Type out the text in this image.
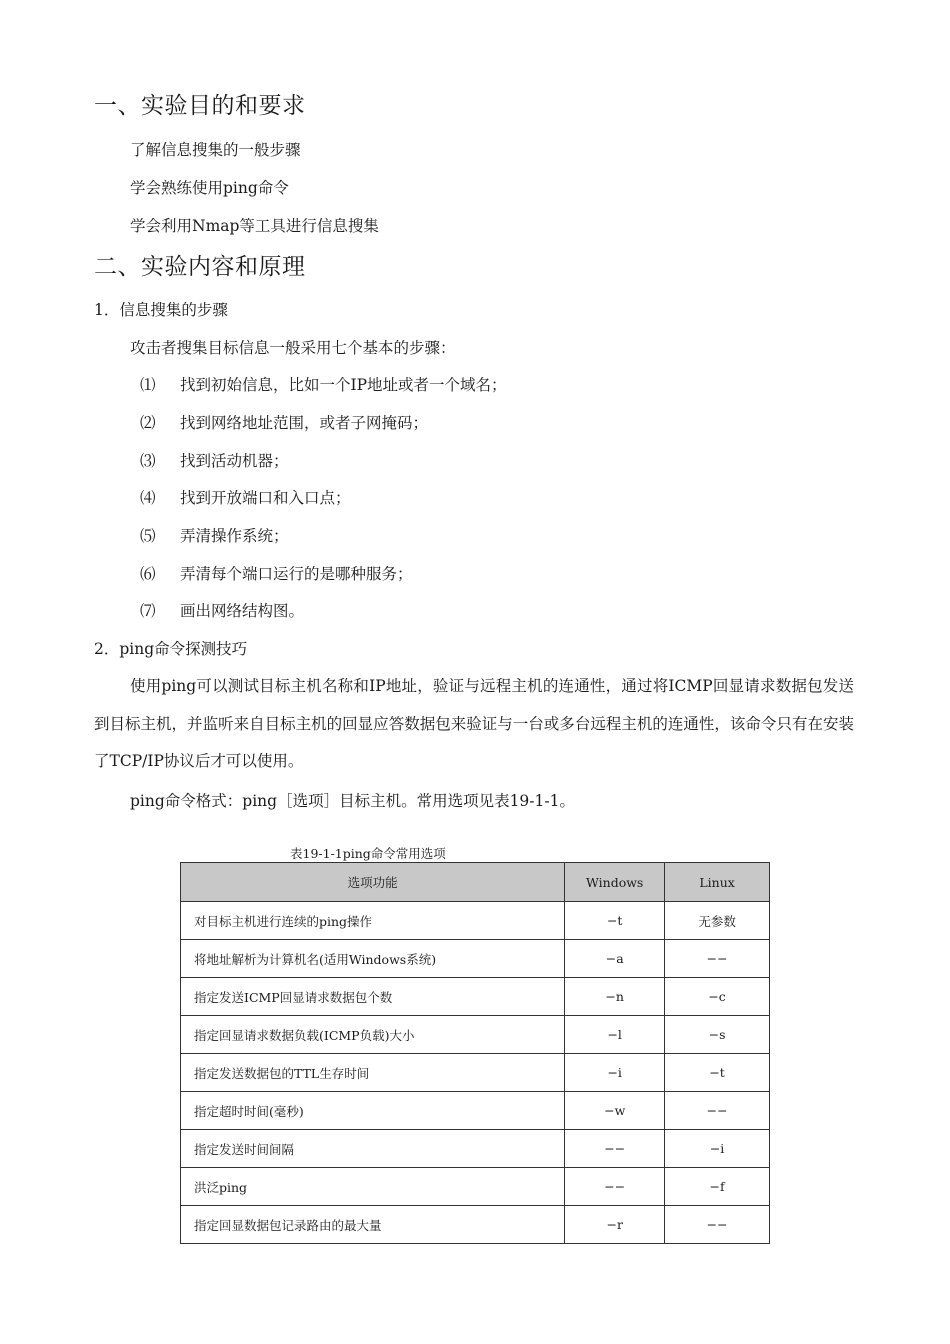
一、实验目的和要求
了解信息搜集的一般步骤
学会熟练使用ping命令
学会利用Nmap等工具进行信息搜集
二、实验内容和原理
1．信息搜集的步骤
攻击者搜集目标信息一般采用七个基本的步骤：
⑴ 找到初始信息，比如一个IP地址或者一个域名；
⑵ 找到网络地址范围，或者子网掩码；
⑶ 找到活动机器；
⑷ 找到开放端口和入口点；
⑸ 弄清操作系统；
⑹ 弄清每个端口运行的是哪种服务；
⑺ 画出网络结构图。
2．ping命令探测技巧
使用ping可以测试目标主机名称和IP地址，验证与远程主机的连通性，通过将ICMP回显请求数据包发送到目标主机，并监听来自目标主机的回显应答数据包来验证与一台或多台远程主机的连通性，该命令只有在安装了TCP/IP协议后才可以使用。
ping命令格式：ping［选项］目标主机。常用选项见表19-1-1。
表19-1-1ping命令常用选项
选项功能	Windows	Linux
对目标主机进行连续的ping操作	−t	无参数
将地址解析为计算机名(适用Windows系统)	−a	−−
指定发送ICMP回显请求数据包个数	−n	−c
指定回显请求数据负载(ICMP负载)大小	−l	−s
指定发送数据包的TTL生存时间	−i	−t
指定超时时间(毫秒)	−w	−−
指定发送时间间隔	−−	−i
洪泛ping	−−	−f
指定回显数据包记录路由的最大量	−r	−−
